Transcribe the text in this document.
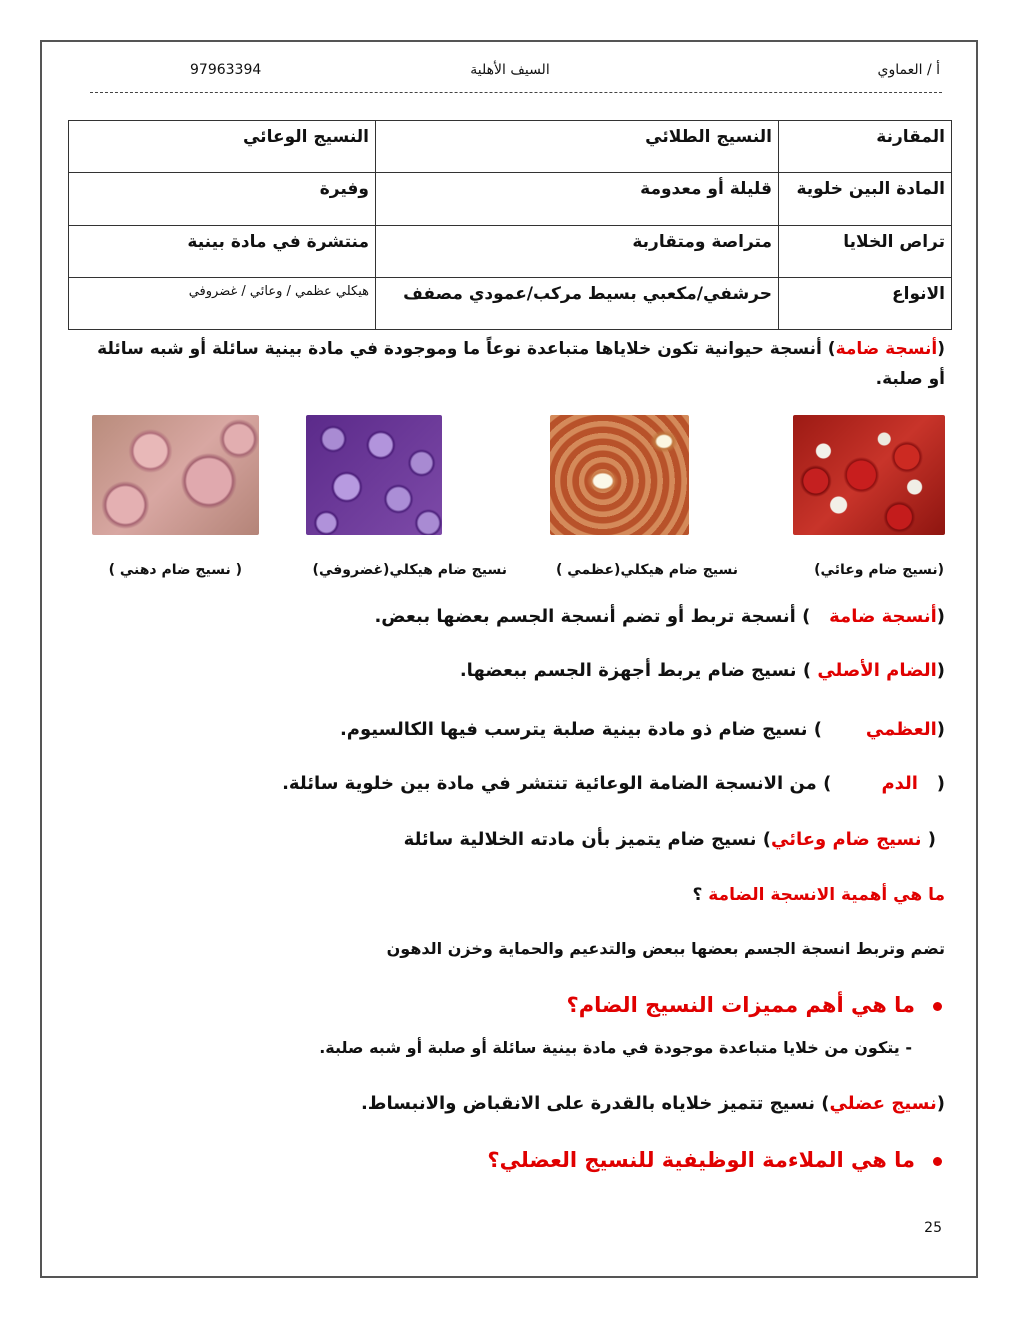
أ / العماوي
السيف الأهلية
97963394
المقارنة	النسيج الطلائي	النسيج الوعائي
المادة البين خلوية	قليلة أو معدومة	وفيرة
تراص الخلايا	متراصة ومتقاربة	منتشرة في مادة بينية
الانواع	حرشفي/مكعبي بسيط مركب/عمودي مصفف	هيكلي عظمي / وعائي / غضروفي
(أنسجة ضامة) أنسجة حيوانية تكون خلاياها متباعدة نوعاً ما وموجودة في مادة بينية سائلة أو شبه سائلة أو صلبة.
(نسيج ضام وعائي)
نسيج ضام هيكلي(عظمي )
نسيج ضام هيكلي(غضروفي)
( نسيج ضام دهني )
(أنسجة ضامة   ) أنسجة تربط أو تضم أنسجة الجسم بعضها ببعض.
(الضام الأصلي ) نسيج ضام يربط أجهزة الجسم ببعضها.
(العظمي       ) نسيج ضام ذو مادة بينية صلبة يترسب فيها الكالسيوم.
(   الدم        ) من الانسجة الضامة الوعائية تنتشر في مادة بين خلوية سائلة.
( نسيج ضام وعائي) نسيج ضام يتميز بأن مادته الخلالية سائلة
ما هي أهمية الانسجة الضامة ؟
تضم وتربط انسجة الجسم بعضها ببعض والتدعيم والحماية وخزن الدهون
ما هي أهم مميزات النسيج الضام؟
- يتكون من خلايا متباعدة موجودة في مادة بينية سائلة أو صلبة أو شبه صلبة.
(نسيج عضلي) نسيج تتميز خلاياه بالقدرة على الانقباض والانبساط.
ما هي الملاءمة الوظيفية للنسيج العضلي؟
25
